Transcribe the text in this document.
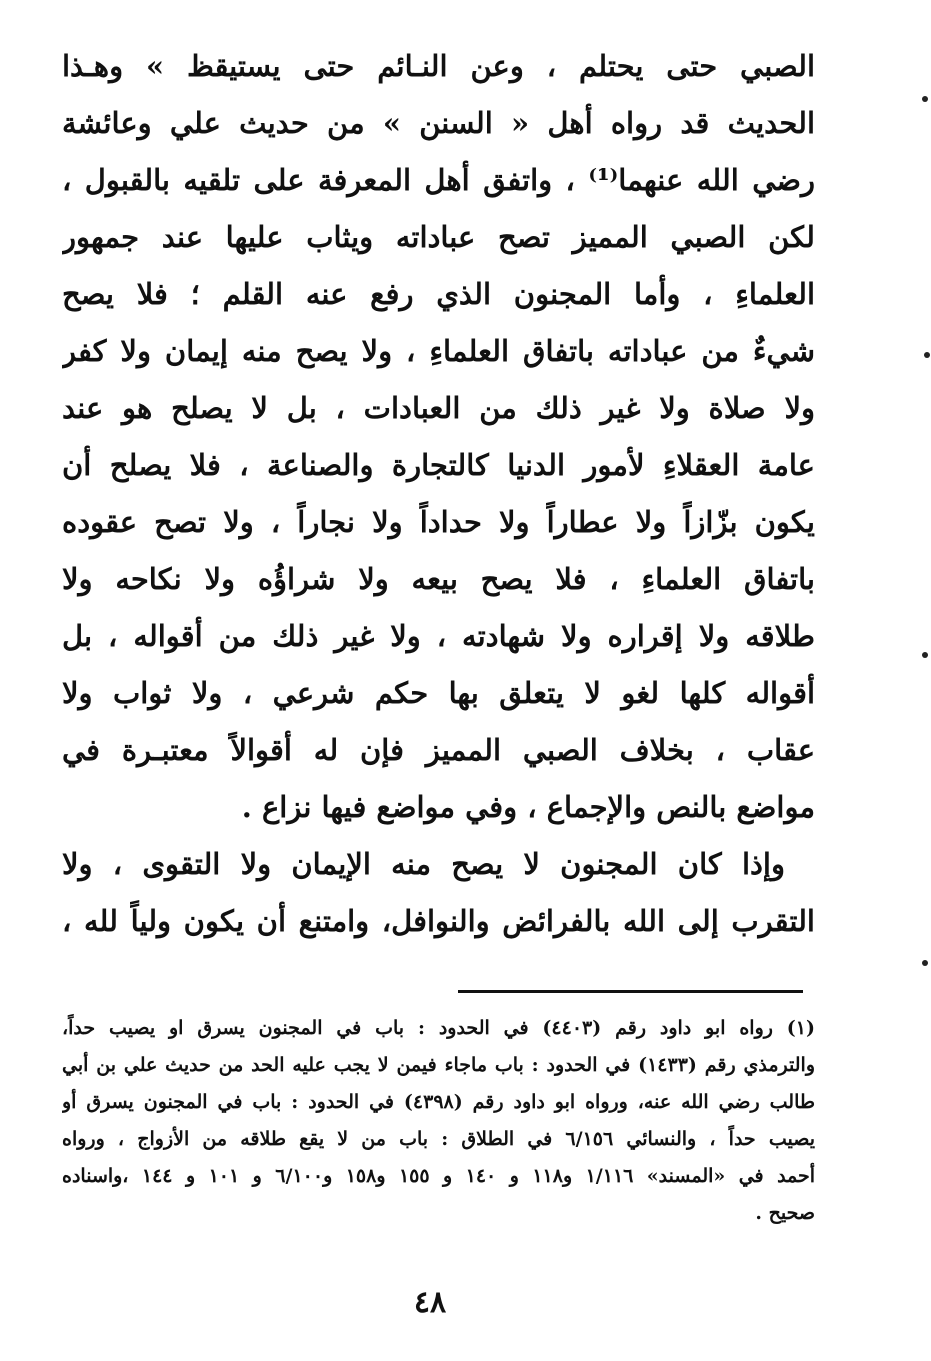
الصبي حتى يحتلم ، وعن النـائم حتى يستيقظ » وهـذا
الحديث قد رواه أهل « السنن » من حديث علي وعائشة
رضي الله عنهما⁽¹⁾ ، واتفق أهل المعرفة على تلقيه بالقبول ،
لكن الصبي المميز تصح عباداته ويثاب عليها عند جمهور
العلماءِ ، وأما المجنون الذي رفع عنه القلم ؛ فلا يصح
شيءٌ من عباداته باتفاق العلماءِ ، ولا يصح منه إيمان ولا كفر
ولا صلاة ولا غير ذلك من العبادات ، بل لا يصلح هو عند
عامة العقلاءِ لأمور الدنيا كالتجارة والصناعة ، فلا يصلح أن
يكون بزّازاً ولا عطاراً ولا حداداً ولا نجاراً ، ولا تصح عقوده
باتفاق العلماءِ ، فلا يصح بيعه ولا شراؤُه ولا نكاحه ولا
طلاقه ولا إقراره ولا شهادته ، ولا غير ذلك من أقواله ، بل
أقواله كلها لغو لا يتعلق بها حكم شرعي ، ولا ثواب ولا
عقاب ، بخلاف الصبي المميز فإن له أقوالاً معتبـرة في
مواضع بالنص والإجماع ، وفي مواضع فيها نزاع .
وإذا كان المجنون لا يصح منه الإيمان ولا التقوى ، ولا
التقرب إلى الله بالفرائض والنوافل، وامتنع أن يكون ولياً لله ،
(١) رواه ابو داود رقم (٤٤٠٣) في الحدود : باب في المجنون يسرق او يصيب حداً،
والترمذي رقم (١٤٣٣) في الحدود : باب ماجاء فيمن لا يجب عليه الحد من حديث علي بن أبي
طالب رضي الله عنه، ورواه ابو داود رقم (٤٣٩٨) في الحدود : باب في المجنون يسرق أو
يصيب حداً ، والنسائي ٦/١٥٦ في الطلاق : باب من لا يقع طلاقه من الأزواج ، ورواه
أحمد في «المسند» ١/١١٦ و١١٨ و ١٤٠ و ١٥٥ و١٥٨ و٦/١٠٠ و ١٠١ و ١٤٤ ،واسناده
صحيح .
٤٨
